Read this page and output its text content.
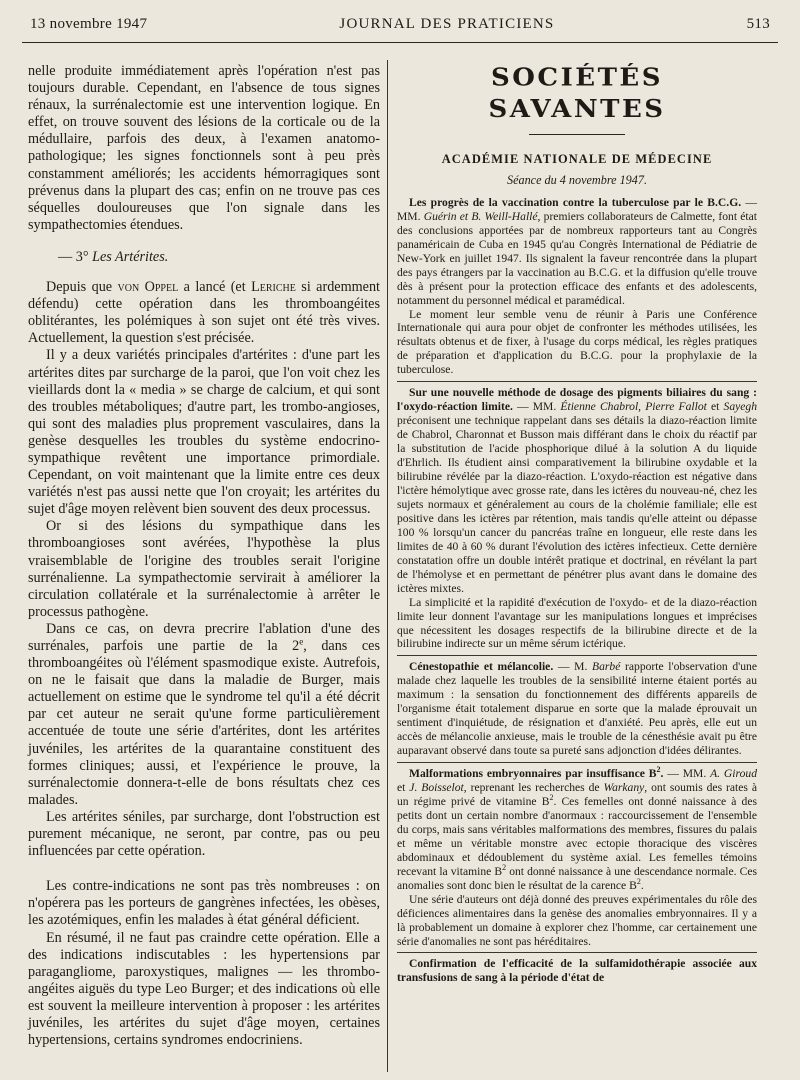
13 novembre 1947	JOURNAL DES PRATICIENS	513

nelle produite immédiatement après l'opération n'est pas toujours durable. Cependant, en l'absence de tous signes rénaux, la surrénalectomie est une intervention logique. En effet, on trouve souvent des lésions de la corticale ou de la médullaire, parfois des deux, à l'examen anatomo-pathologique; les signes fonctionnels sont à peu près constamment améliorés; les accidents hémorragiques sont prévenus dans la plupart des cas; enfin on ne trouve pas ces séquelles douloureuses que l'on signale dans les sympathectomies étendues.

— 3° Les Artérites.

Depuis que von Oppel a lancé (et Leriche si ardemment défendu) cette opération dans les thromboangéites oblitérantes, les polémiques à son sujet ont été très vives. Actuellement, la question s'est précisée.

Il y a deux variétés principales d'artérites : d'une part les artérites dites par surcharge de la paroi, que l'on voit chez les vieillards dont la « media » se charge de calcium, et qui sont des troubles métaboliques; d'autre part, les trombo-angioses, qui sont des maladies plus proprement vasculaires, dans la genèse desquelles les troubles du système endocrino-sympathique revêtent une importance primordiale. Cependant, on voit maintenant que la limite entre ces deux variétés n'est pas aussi nette que l'on croyait; les artérites du sujet d'âge moyen relèvent bien souvent des deux processus.

Or si des lésions du sympathique dans les thromboangioses sont avérées, l'hypothèse la plus vraisemblable de l'origine des troubles serait l'origine surrénalienne. La sympathectomie servirait à améliorer la circulation collatérale et la surrénalectomie à arrêter le processus pathogène.

Dans ce cas, on devra precrire l'ablation d'une des surrénales, parfois une partie de la 2e, dans ces thromboangéites où l'élément spasmodique existe. Autrefois, on ne le faisait que dans la maladie de Burger, mais actuellement on estime que le syndrome tel qu'il a été décrit par cet auteur ne serait qu'une forme particulièrement accentuée de toute une série d'artérites, dont les artérites juvéniles, les artérites de la quarantaine constituent des formes cliniques; aussi, et l'expérience le prouve, la surrénalectomie donnera-t-elle de bons résultats chez ces malades.

Les artérites séniles, par surcharge, dont l'obstruction est purement mécanique, ne seront, par contre, pas ou peu influencées par cette opération.

Les contre-indications ne sont pas très nombreuses : on n'opérera pas les porteurs de gangrènes infectées, les obèses, les azotémiques, enfin les malades à état général déficient.

En résumé, il ne faut pas craindre cette opération. Elle a des indications indiscutables : les hypertensions par paragangliome, paroxystiques, malignes — les thrombo-angéites aiguës du type Leo Burger; et des indications où elle est souvent la meilleure intervention à proposer : les artérites juvéniles, les artérites du sujet d'âge moyen, certaines hypertensions, certains syndromes endocriniens.

SOCIÉTÉS SAVANTES
ACADÉMIE NATIONALE DE MÉDECINE
Séance du 4 novembre 1947.

Les progrès de la vaccination contre la tuberculose par le B.C.G. — MM. Guérin et B. Weill-Hallé, premiers collaborateurs de Calmette, font état des conclusions apportées par de nombreux rapporteurs tant au Congrès panaméricain de Cuba en 1945 qu'au Congrès International de Pédiatrie de New-York en juillet 1947. Ils signalent la faveur rencontrée dans la plupart des pays étrangers par la vaccination au B.C.G. et la diffusion qu'elle trouve dès à présent pour la protection efficace des enfants et des adolescents, notamment du personnel médical et paramédical.

Le moment leur semble venu de réunir à Paris une Conférence Internationale qui aura pour objet de confronter les méthodes utilisées, les résultats obtenus et de fixer, à l'usage du corps médical, les règles pratiques de préparation et d'application du B.C.G. pour la prophylaxie de la tuberculose.

Sur une nouvelle méthode de dosage des pigments biliaires du sang : l'oxydo-réaction limite. — MM. Étienne Chabrol, Pierre Fallot et Sayegh préconisent une technique rappelant dans ses détails la diazo-réaction limite de Chabrol, Charonnat et Busson mais différant dans le choix du réactif par la substitution de l'acide phosphorique dilué à la solution A du liquide d'Ehrlich. Ils étudient ainsi comparativement la bilirubine oxydable et la bilirubine révélée par la diazo-réaction. L'oxydo-réaction est négative dans l'ictère hémolytique avec grosse rate, dans les ictères du nouveau-né, chez les sujets normaux et généralement au cours de la cholémie familiale; elle est positive dans les ictères par rétention, mais tandis qu'elle atteint ou dépasse 100 % lorsqu'un cancer du pancréas traîne en longueur, elle reste dans les limites de 40 à 60 % durant l'évolution des ictères infectieux. Cette dernière constatation offre un double intérêt pratique et doctrinal, en révélant la part de l'hémolyse et en permettant de pénétrer plus avant dans le domaine des ictères mixtes.

La simplicité et la rapidité d'exécution de l'oxydo- et de la diazo-réaction limite leur donnent l'avantage sur les manipulations longues et imprécises que nécessitent les dosages respectifs de la bilirubine directe et de la bilirubine indirecte sur un même sérum ictérique.

Cénestopathie et mélancolie. — M. Barbé rapporte l'observation d'une malade chez laquelle les troubles de la sensibilité interne étaient portés au maximum : la sensation du fonctionnement des différents appareils de l'organisme était totalement disparue en sorte que la malade éprouvait un sentiment d'inquiétude, de résignation et d'anxiété. Peu après, elle eut un accès de mélancolie anxieuse, mais le trouble de la cénesthésie avait pu être auparavant observé dans toute sa pureté sans adjonction d'idées délirantes.

Malformations embryonnaires par insuffisance $B^2$. — MM. A. Giroud et J. Boisselot, reprenant les recherches de Warkany, ont soumis des rates à un régime privé de vitamine $B^2$. Ces femelles ont donné naissance à des petits dont un certain nombre d'anormaux : raccourcissement de l'ensemble du corps, mais sans véritables malformations des membres, fissures du palais et même un véritable monstre avec ectopie thoracique des viscères abdominaux et dédoublement du système axial. Les femelles témoins recevant la vitamine $B^2$ ont donné naissance à une descendance normale. Ces anomalies sont donc bien le résultat de la carence $B^2$.

Une série d'auteurs ont déjà donné des preuves expérimentales du rôle des déficiences alimentaires dans la genèse des anomalies embryonnaires. Il y a là probablement un domaine à explorer chez l'homme, car certainement une série d'anomalies ne sont pas héréditaires.

Confirmation de l'efficacité de la sulfamidothérapie associée aux transfusions de sang à la période d'état de
